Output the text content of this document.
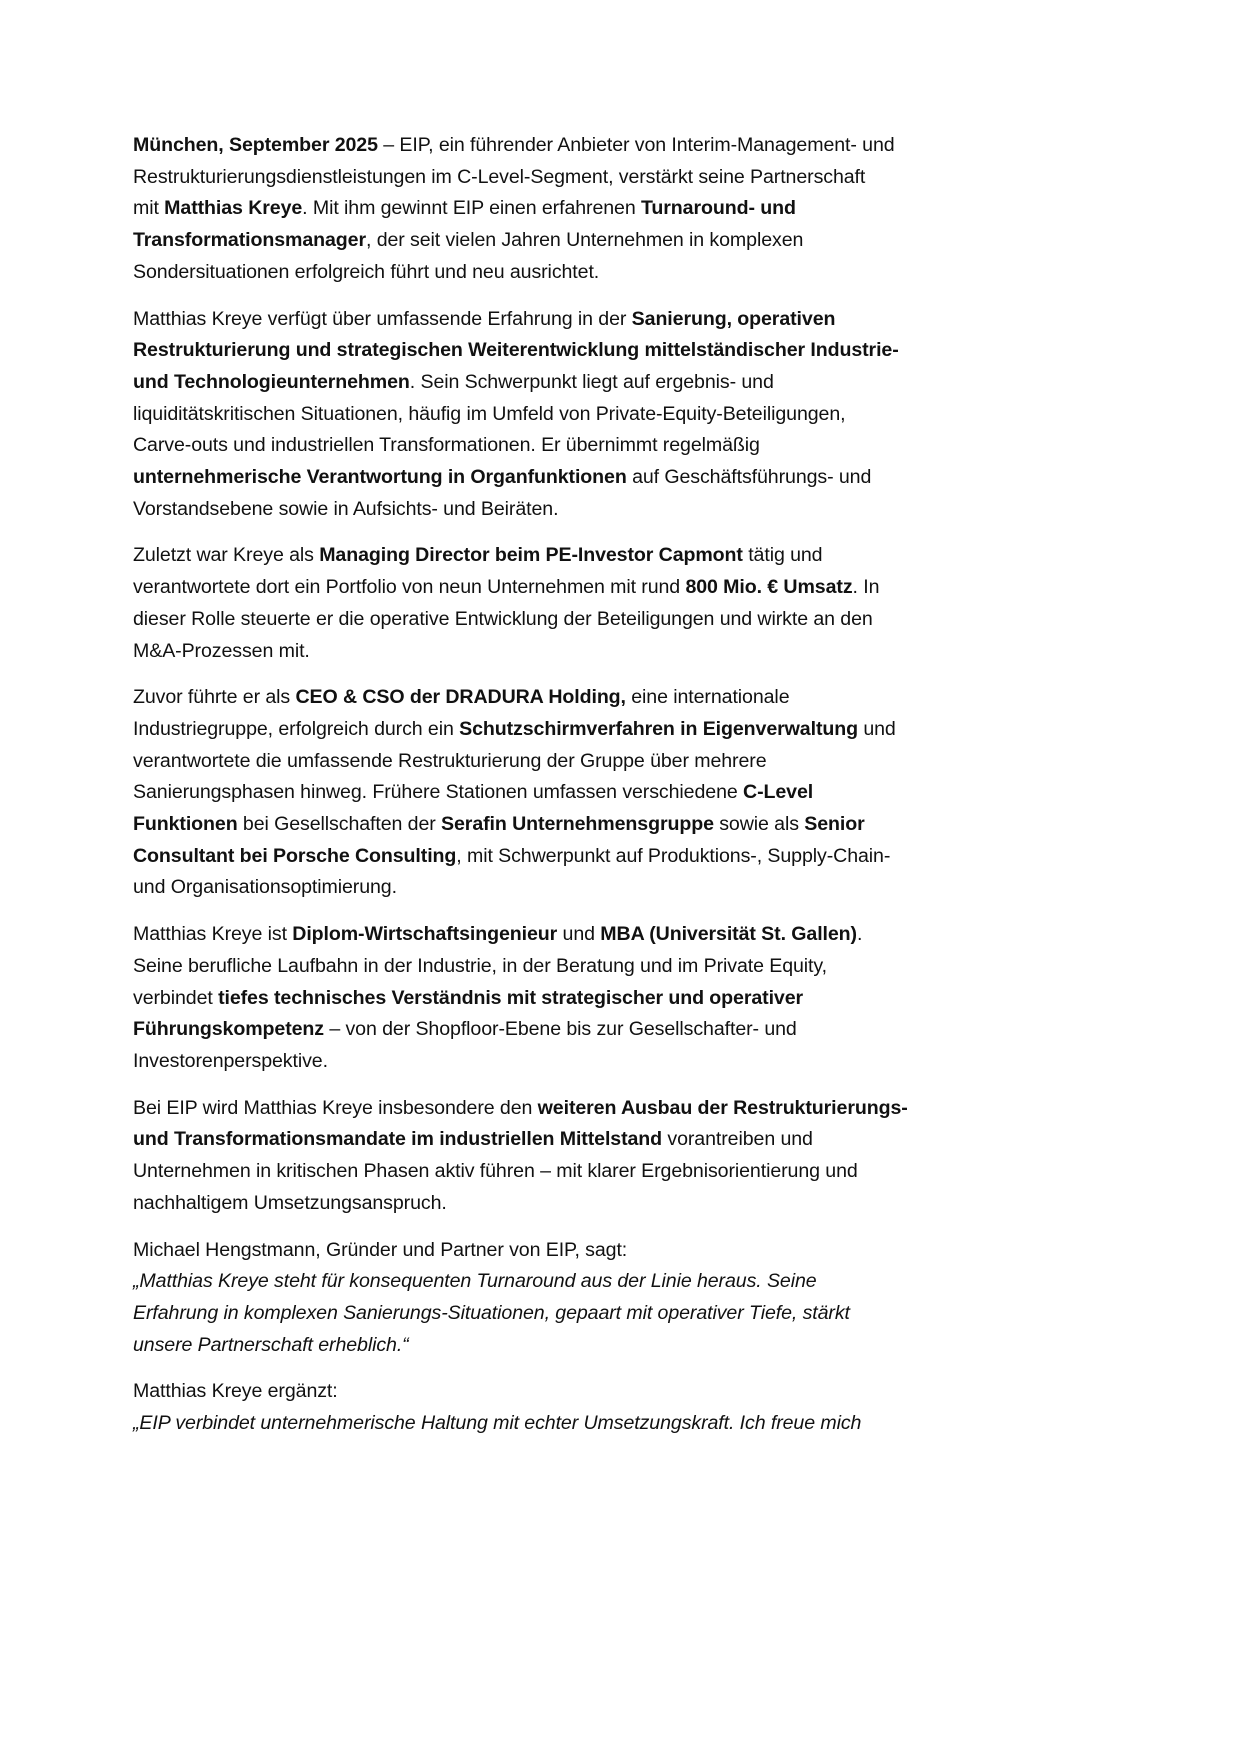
München, September 2025 – EIP, ein führender Anbieter von Interim-Management- und
Restrukturierungsdienstleistungen im C-Level-Segment, verstärkt seine Partnerschaft
mit Matthias Kreye. Mit ihm gewinnt EIP einen erfahrenen Turnaround- und
Transformationsmanager, der seit vielen Jahren Unternehmen in komplexen
Sondersituationen erfolgreich führt und neu ausrichtet.

Matthias Kreye verfügt über umfassende Erfahrung in der Sanierung, operativen
Restrukturierung und strategischen Weiterentwicklung mittelständischer Industrie-
und Technologieunternehmen. Sein Schwerpunkt liegt auf ergebnis- und
liquiditätskritischen Situationen, häufig im Umfeld von Private-Equity-Beteiligungen,
Carve-outs und industriellen Transformationen. Er übernimmt regelmäßig
unternehmerische Verantwortung in Organfunktionen auf Geschäftsführungs- und
Vorstandsebene sowie in Aufsichts- und Beiräten.

Zuletzt war Kreye als Managing Director beim PE-Investor Capmont tätig und
verantwortete dort ein Portfolio von neun Unternehmen mit rund 800 Mio. € Umsatz. In
dieser Rolle steuerte er die operative Entwicklung der Beteiligungen und wirkte an den
M&A-Prozessen mit.

Zuvor führte er als CEO & CSO der DRADURA Holding, eine internationale
Industriegruppe, erfolgreich durch ein Schutzschirmverfahren in Eigenverwaltung und
verantwortete die umfassende Restrukturierung der Gruppe über mehrere
Sanierungsphasen hinweg. Frühere Stationen umfassen verschiedene C-Level
Funktionen bei Gesellschaften der Serafin Unternehmensgruppe sowie als Senior
Consultant bei Porsche Consulting, mit Schwerpunkt auf Produktions-, Supply-Chain-
und Organisationsoptimierung.

Matthias Kreye ist Diplom-Wirtschaftsingenieur und MBA (Universität St. Gallen).
Seine berufliche Laufbahn in der Industrie, in der Beratung und im Private Equity,
verbindet tiefes technisches Verständnis mit strategischer und operativer
Führungskompetenz – von der Shopfloor-Ebene bis zur Gesellschafter- und
Investorenperspektive.

Bei EIP wird Matthias Kreye insbesondere den weiteren Ausbau der Restrukturierungs-
und Transformationsmandate im industriellen Mittelstand vorantreiben und
Unternehmen in kritischen Phasen aktiv führen – mit klarer Ergebnisorientierung und
nachhaltigem Umsetzungsanspruch.

Michael Hengstmann, Gründer und Partner von EIP, sagt:
„Matthias Kreye steht für konsequenten Turnaround aus der Linie heraus. Seine
Erfahrung in komplexen Sanierungs-Situationen, gepaart mit operativer Tiefe, stärkt
unsere Partnerschaft erheblich.“

Matthias Kreye ergänzt:
„EIP verbindet unternehmerische Haltung mit echter Umsetzungskraft. Ich freue mich
